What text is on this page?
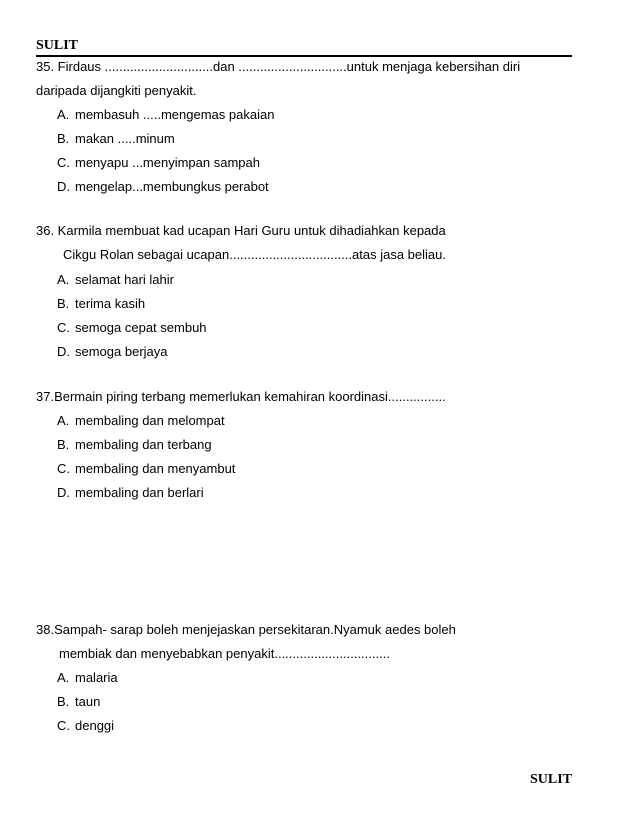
SULIT
35. Firdaus ..............................dan ..............................untuk menjaga kebersihan diri
daripada dijangkiti penyakit.
A. membasuh .....mengemas pakaian
B. makan .....minum
C. menyapu ...menyimpan sampah
D. mengelap...membungkus perabot
36. Karmila membuat kad ucapan Hari Guru untuk dihadiahkan kepada
Cikgu Rolan sebagai ucapan..................................atas jasa beliau.
A. selamat hari lahir
B. terima kasih
C. semoga cepat sembuh
D. semoga berjaya
37.Bermain piring terbang memerlukan kemahiran koordinasi................
A. membaling dan melompat
B. membaling dan terbang
C. membaling dan menyambut
D. membaling dan berlari
38.Sampah- sarap boleh menjejaskan persekitaran.Nyamuk aedes boleh
membiak dan menyebabkan penyakit................................
A. malaria
B. taun
C. denggi
SULIT
